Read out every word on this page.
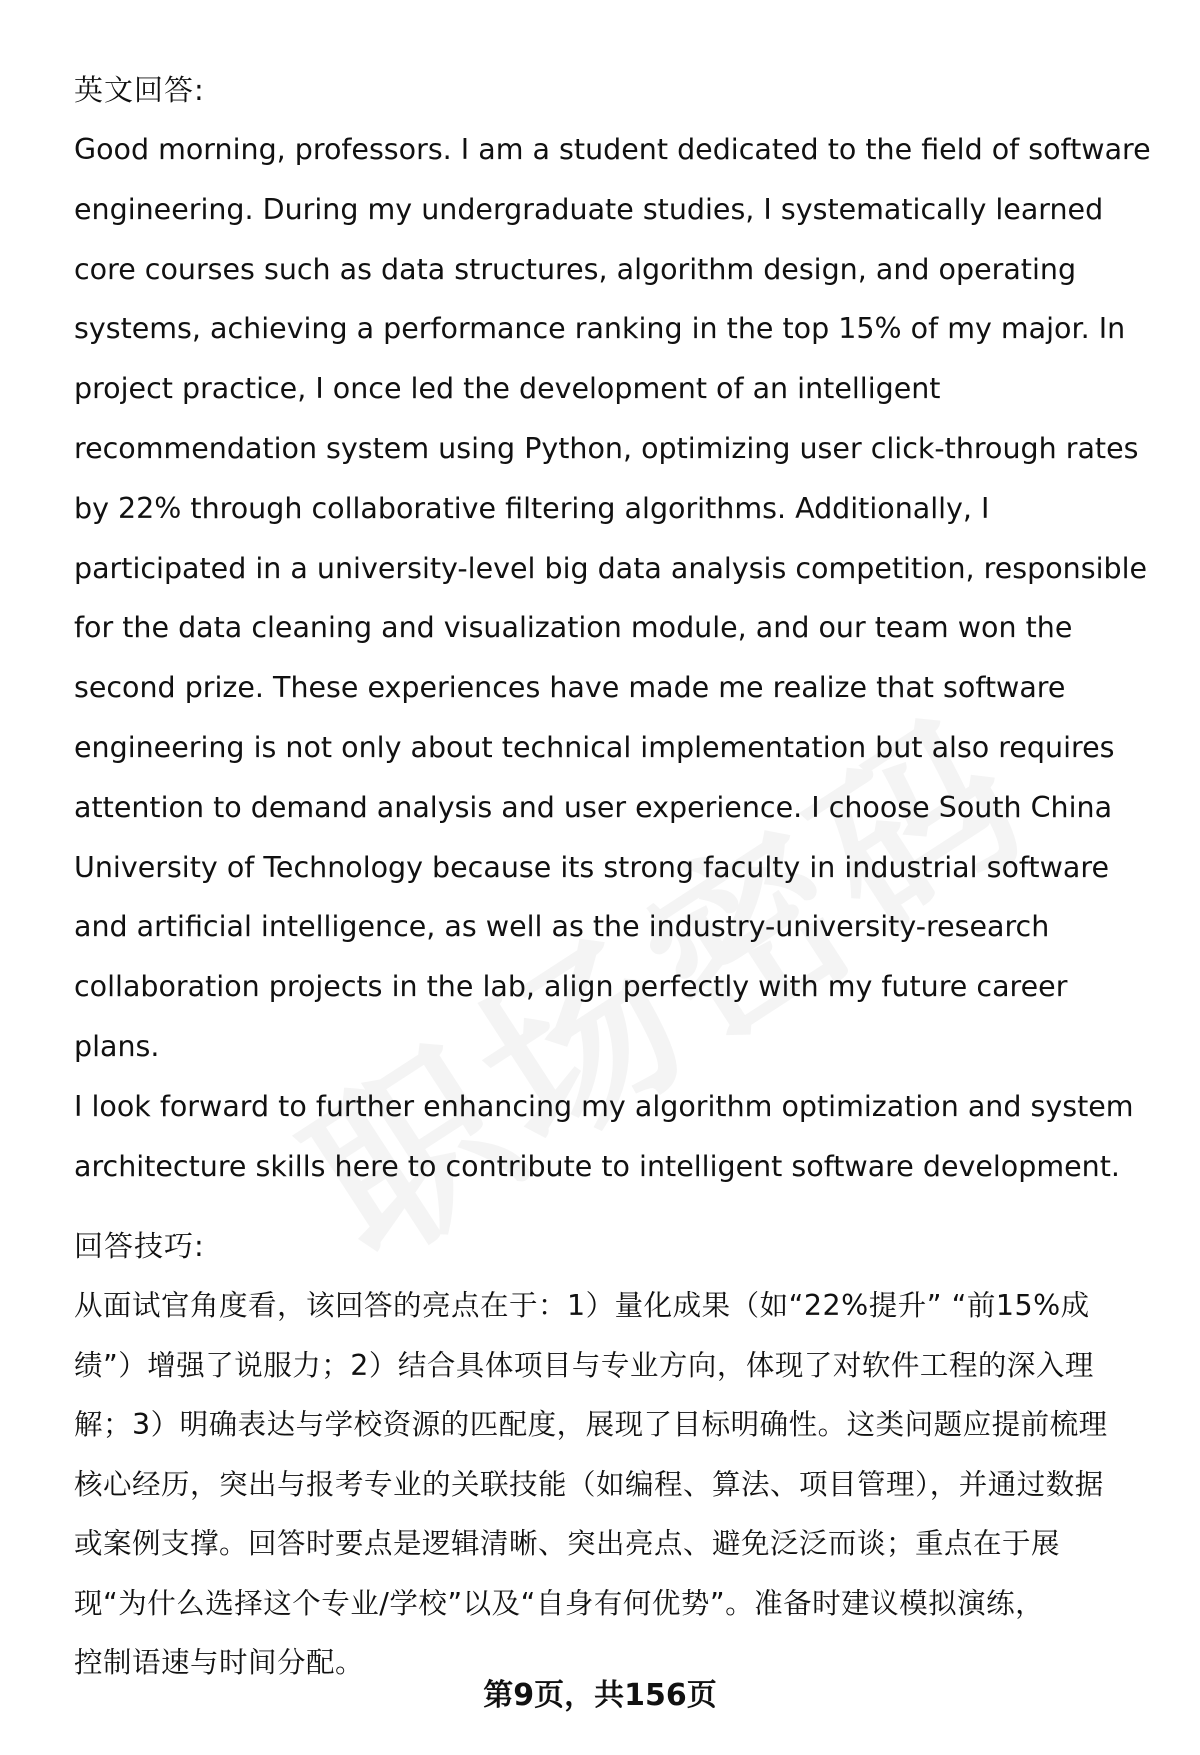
英文回答:

Good morning, professors. I am a student dedicated to the field of software

engineering. During my undergraduate studies, I systematically learned

core courses such as data structures, algorithm design, and operating

systems, achieving a performance ranking in the top 15% of my major. In

project practice, I once led the development of an intelligent

recommendation system using Python, optimizing user click-through rates

by 22% through collaborative filtering algorithms. Additionally, I

participated in a university-level big data analysis competition, responsible

for the data cleaning and visualization module, and our team won the

second prize. These experiences have made me realize that software

engineering is not only about technical implementation but also requires

attention to demand analysis and user experience. I choose South China

University of Technology because its strong faculty in industrial software

and artificial intelligence, as well as the industry-university-research

collaboration projects in the lab, align perfectly with my future career plans.

I look forward to further enhancing my algorithm optimization and system

architecture skills here to contribute to intelligent software development.

回答技巧:

从面试官角度看，该回答的亮点在于：1）量化成果（如“22%提升” “前15%成

绩”）增强了说服力；2）结合具体项目与专业方向，体现了对软件工程的深入理

解；3）明确表达与学校资源的匹配度，展现了目标明确性。这类问题应提前梳理

核心经历，突出与报考专业的关联技能（如编程、算法、项目管理），并通过数据

或案例支撑。回答时要点是逻辑清晰、突出亮点、避免泛泛而谈；重点在于展

现“为什么选择这个专业/学校”以及“自身有何优势”。准备时建议模拟演练，

控制语速与时间分配。

第9页，共156页
